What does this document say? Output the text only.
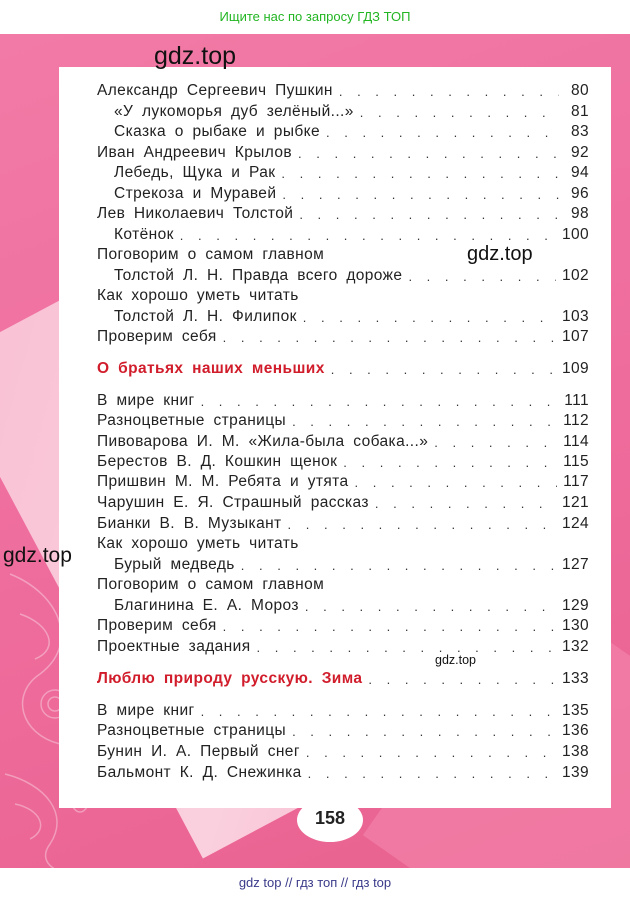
Ищите нас по запросу ГДЗ ТОП
Александр Сергеевич Пушкин . . .	80
«У лукоморья дуб зелёный...» . . .	81
Сказка о рыбаке и рыбке . . .	83
Иван Андреевич Крылов . . .	92
Лебедь, Щука и Рак . . .	94
Стрекоза и Муравей . . .	96
Лев Николаевич Толстой . . .	98
Котёнок . . .	100
Поговорим о самом главном
Толстой Л. Н. Правда всего дороже . . .	102
Как хорошо уметь читать
Толстой Л. Н. Филипок . . .	103
Проверим себя . . .	107
О братьях наших меньших . . .	109
В мире книг . . .	111
Разноцветные страницы . . .	112
Пивоварова И. М. «Жила-была собака...» . . .	114
Берестов В. Д. Кошкин щенок . . .	115
Пришвин М. М. Ребята и утята . . .	117
Чарушин Е. Я. Страшный рассказ . . .	121
Бианки В. В. Музыкант . . .	124
Как хорошо уметь читать
Бурый медведь . . .	127
Поговорим о самом главном
Благинина Е. А. Мороз . . .	129
Проверим себя . . .	130
Проектные задания . . .	132
Люблю природу русскую. Зима . . .	133
В мире книг . . .	135
Разноцветные страницы . . .	136
Бунин И. А. Первый снег . . .	138
Бальмонт К. Д. Снежинка . . .	139
158
gdz.top
gdz.top
gdz.top
gdz.top
gdz top // гдз топ // гдз top
